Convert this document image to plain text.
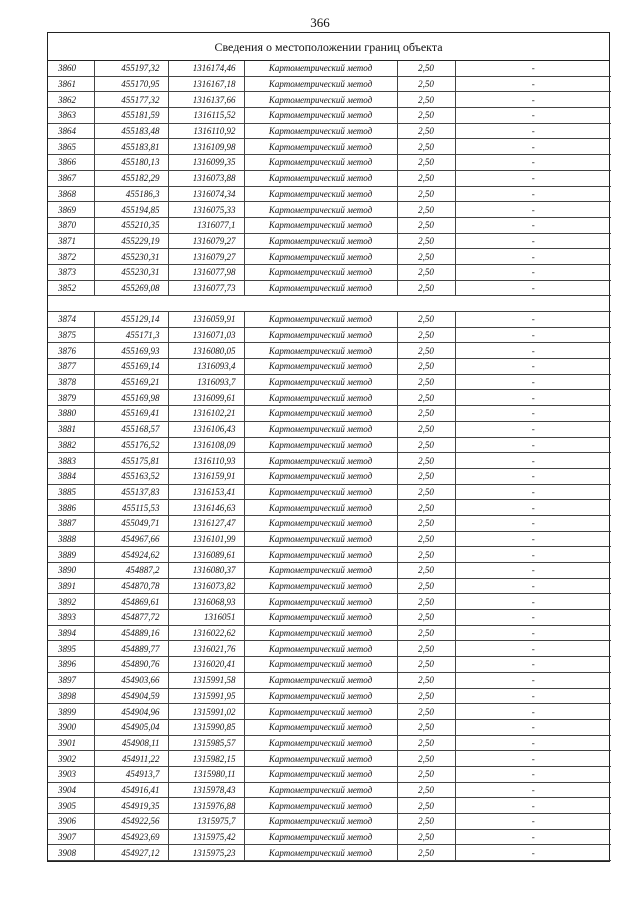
366
Сведения о местоположении границ объекта
3860	455197,32	1316174,46	Картометрический метод	2,50	-
3861	455170,95	1316167,18	Картометрический метод	2,50	-
3862	455177,32	1316137,66	Картометрический метод	2,50	-
3863	455181,59	1316115,52	Картометрический метод	2,50	-
3864	455183,48	1316110,92	Картометрический метод	2,50	-
3865	455183,81	1316109,98	Картометрический метод	2,50	-
3866	455180,13	1316099,35	Картометрический метод	2,50	-
3867	455182,29	1316073,88	Картометрический метод	2,50	-
3868	455186,3	1316074,34	Картометрический метод	2,50	-
3869	455194,85	1316075,33	Картометрический метод	2,50	-
3870	455210,35	1316077,1	Картометрический метод	2,50	-
3871	455229,19	1316079,27	Картометрический метод	2,50	-
3872	455230,31	1316079,27	Картометрический метод	2,50	-
3873	455230,31	1316077,98	Картометрический метод	2,50	-
3852	455269,08	1316077,73	Картометрический метод	2,50	-

3874	455129,14	1316059,91	Картометрический метод	2,50	-
3875	455171,3	1316071,03	Картометрический метод	2,50	-
3876	455169,93	1316080,05	Картометрический метод	2,50	-
3877	455169,14	1316093,4	Картометрический метод	2,50	-
3878	455169,21	1316093,7	Картометрический метод	2,50	-
3879	455169,98	1316099,61	Картометрический метод	2,50	-
3880	455169,41	1316102,21	Картометрический метод	2,50	-
3881	455168,57	1316106,43	Картометрический метод	2,50	-
3882	455176,52	1316108,09	Картометрический метод	2,50	-
3883	455175,81	1316110,93	Картометрический метод	2,50	-
3884	455163,52	1316159,91	Картометрический метод	2,50	-
3885	455137,83	1316153,41	Картометрический метод	2,50	-
3886	455115,53	1316146,63	Картометрический метод	2,50	-
3887	455049,71	1316127,47	Картометрический метод	2,50	-
3888	454967,66	1316101,99	Картометрический метод	2,50	-
3889	454924,62	1316089,61	Картометрический метод	2,50	-
3890	454887,2	1316080,37	Картометрический метод	2,50	-
3891	454870,78	1316073,82	Картометрический метод	2,50	-
3892	454869,61	1316068,93	Картометрический метод	2,50	-
3893	454877,72	1316051	Картометрический метод	2,50	-
3894	454889,16	1316022,62	Картометрический метод	2,50	-
3895	454889,77	1316021,76	Картометрический метод	2,50	-
3896	454890,76	1316020,41	Картометрический метод	2,50	-
3897	454903,66	1315991,58	Картометрический метод	2,50	-
3898	454904,59	1315991,95	Картометрический метод	2,50	-
3899	454904,96	1315991,02	Картометрический метод	2,50	-
3900	454905,04	1315990,85	Картометрический метод	2,50	-
3901	454908,11	1315985,57	Картометрический метод	2,50	-
3902	454911,22	1315982,15	Картометрический метод	2,50	-
3903	454913,7	1315980,11	Картометрический метод	2,50	-
3904	454916,41	1315978,43	Картометрический метод	2,50	-
3905	454919,35	1315976,88	Картометрический метод	2,50	-
3906	454922,56	1315975,7	Картометрический метод	2,50	-
3907	454923,69	1315975,42	Картометрический метод	2,50	-
3908	454927,12	1315975,23	Картометрический метод	2,50	-
